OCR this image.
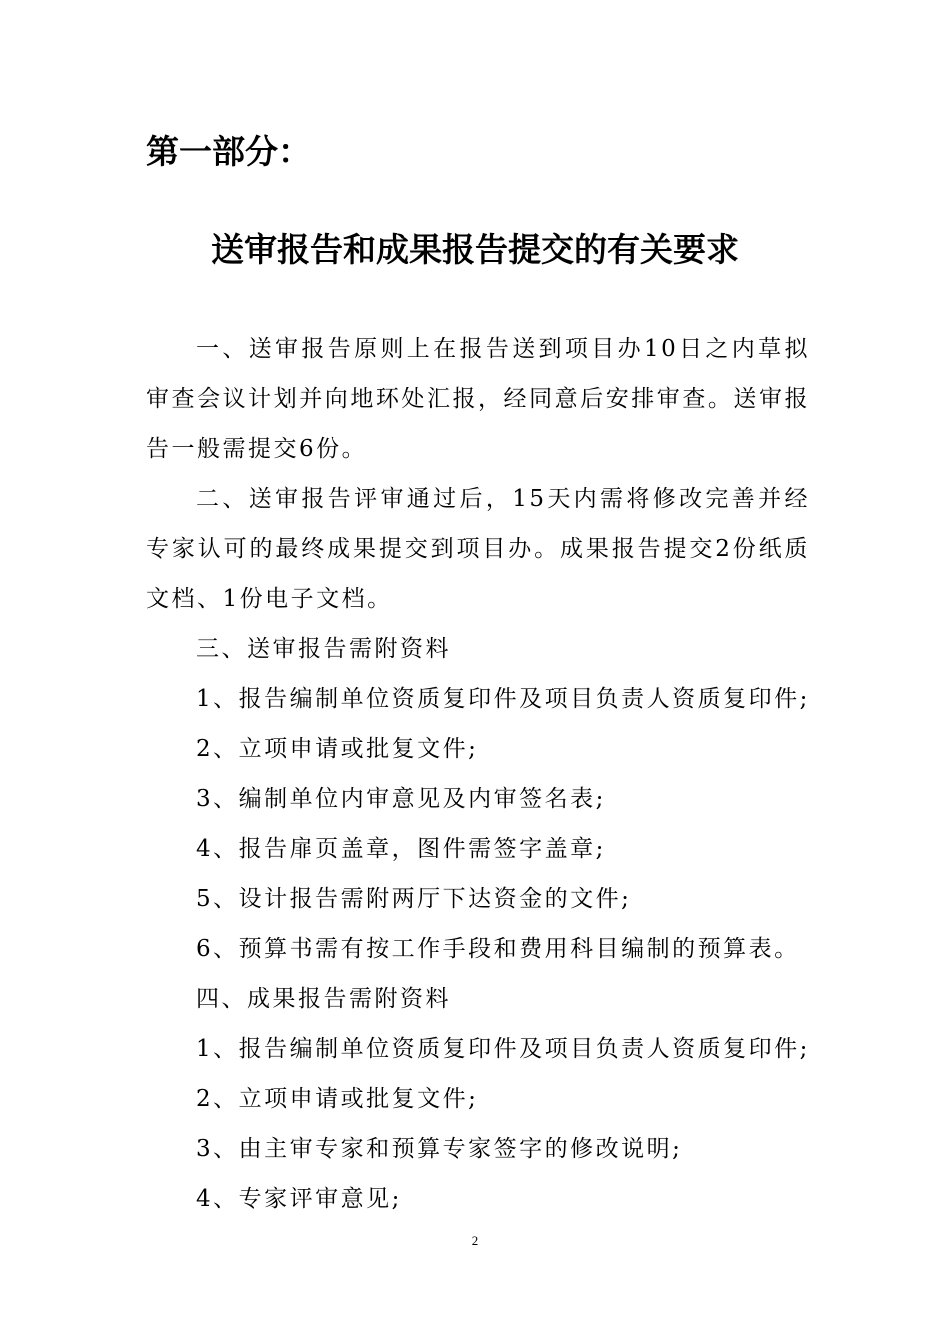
第一部分：
送审报告和成果报告提交的有关要求

一、送审报告原则上在报告送到项目办10日之内草拟审查会议计划并向地环处汇报，经同意后安排审查。送审报告一般需提交6份。

二、送审报告评审通过后，15天内需将修改完善并经专家认可的最终成果提交到项目办。成果报告提交2份纸质文档、1份电子文档。

三、送审报告需附资料

1、报告编制单位资质复印件及项目负责人资质复印件;

2、立项申请或批复文件;

3、编制单位内审意见及内审签名表;

4、报告扉页盖章，图件需签字盖章;

5、设计报告需附两厅下达资金的文件;

6、预算书需有按工作手段和费用科目编制的预算表。

四、成果报告需附资料

1、报告编制单位资质复印件及项目负责人资质复印件;

2、立项申请或批复文件;

3、由主审专家和预算专家签字的修改说明;

4、专家评审意见;

2
